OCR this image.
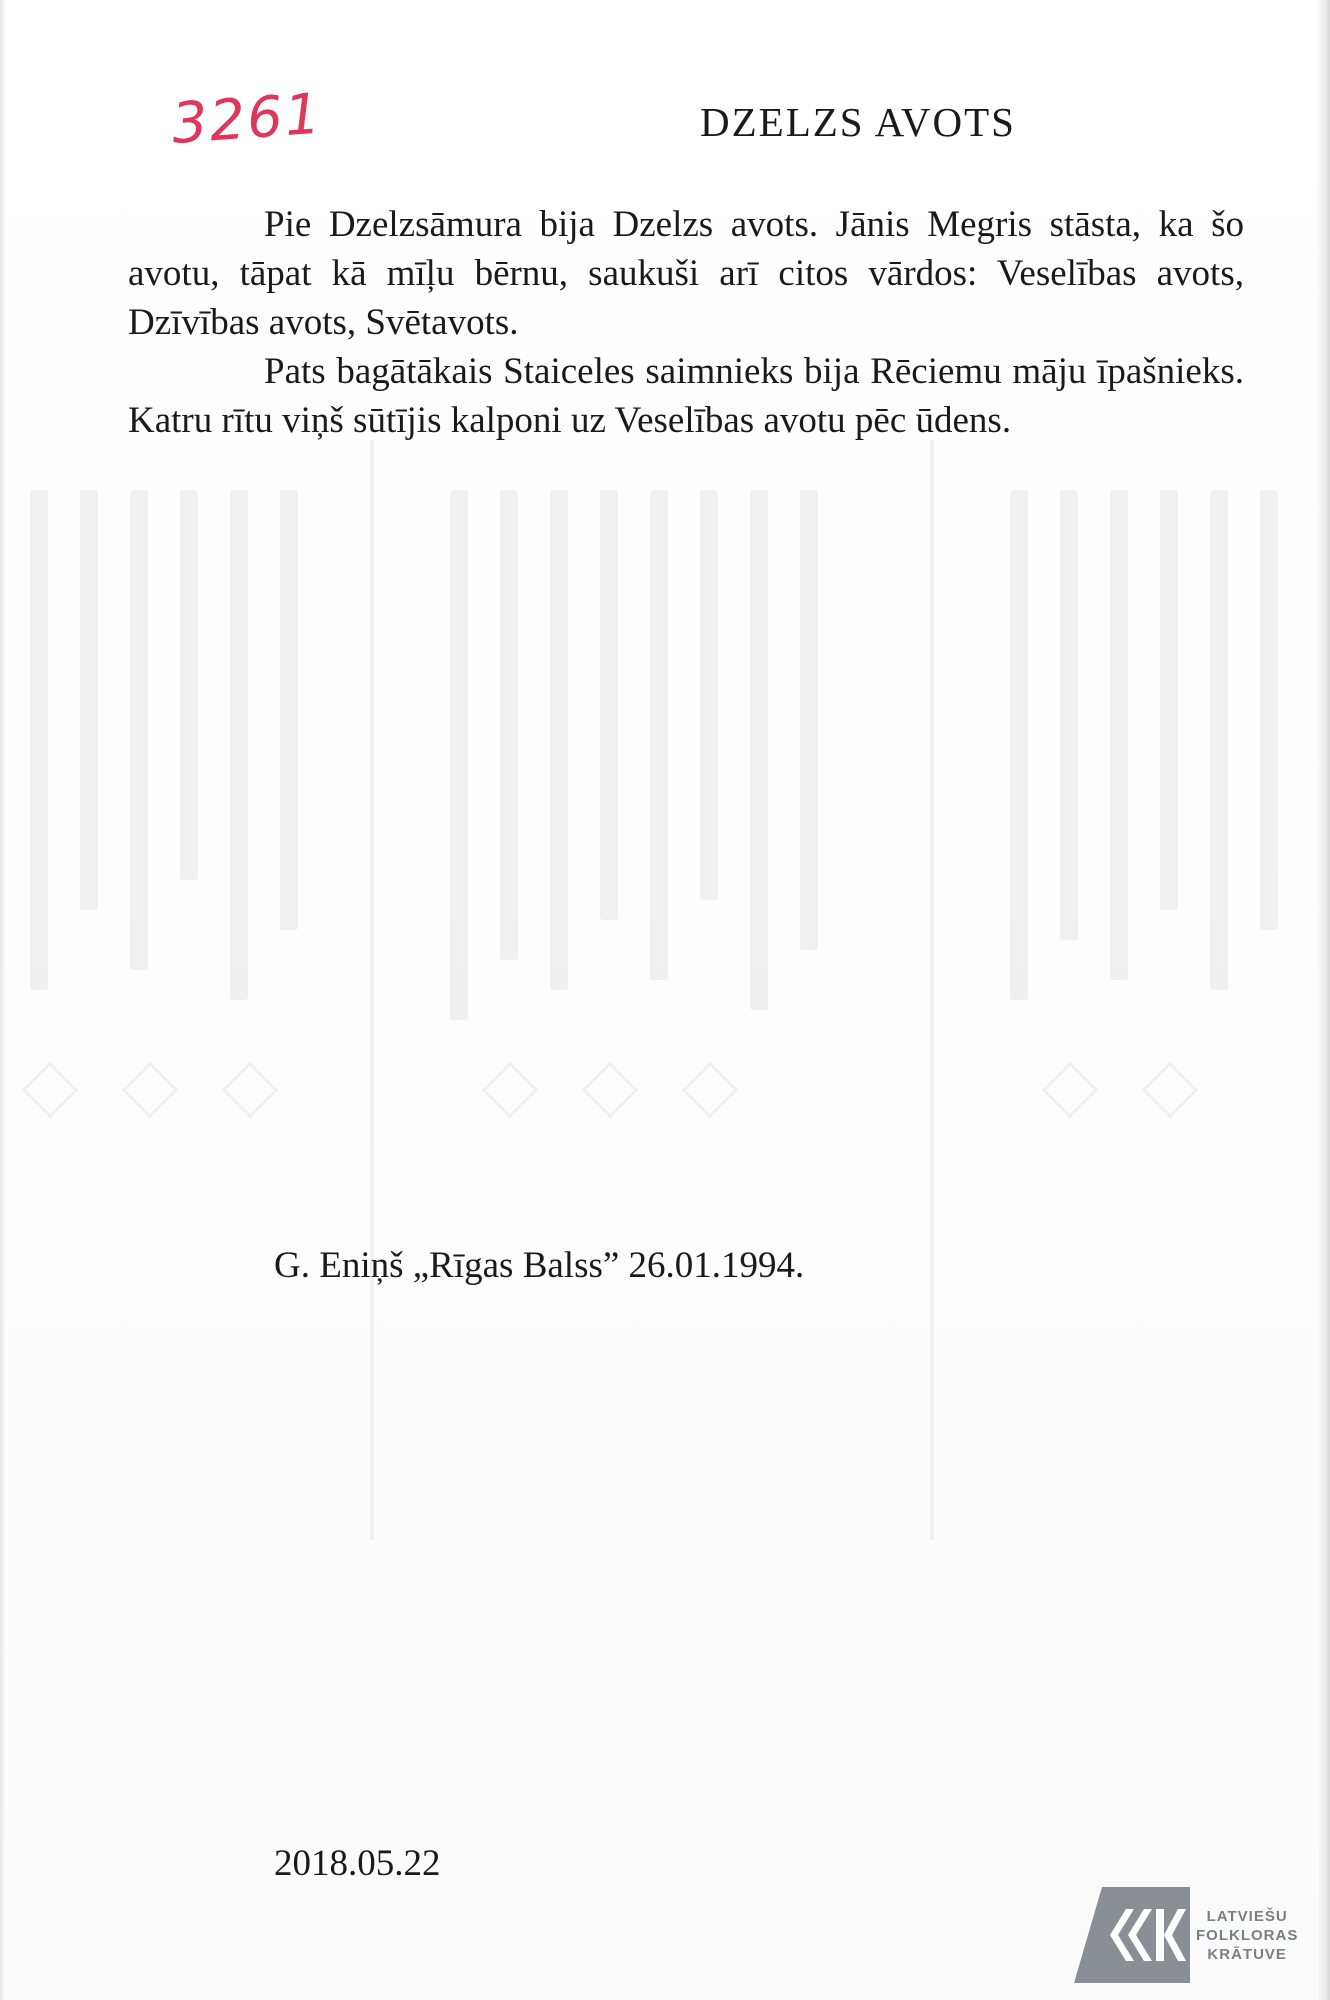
3261	DZELZS AVOTS

Pie Dzelzsāmura bija Dzelzs avots. Jānis Megris stāsta, ka šo avotu, tāpat kā mīļu bērnu, saukuši arī citos vārdos: Veselības avots, Dzīvības avots, Svētavots.

Pats bagātākais Staiceles saimnieks bija Rēciemu māju īpašnieks. Katru rītu viņš sūtījis kalponi uz Veselības avotu pēc ūdens.

G. Eniņš „Rīgas Balss” 26.01.1994.
2018.05.22
LATVIEŠU
FOLKLORAS
KRĀTUVE
